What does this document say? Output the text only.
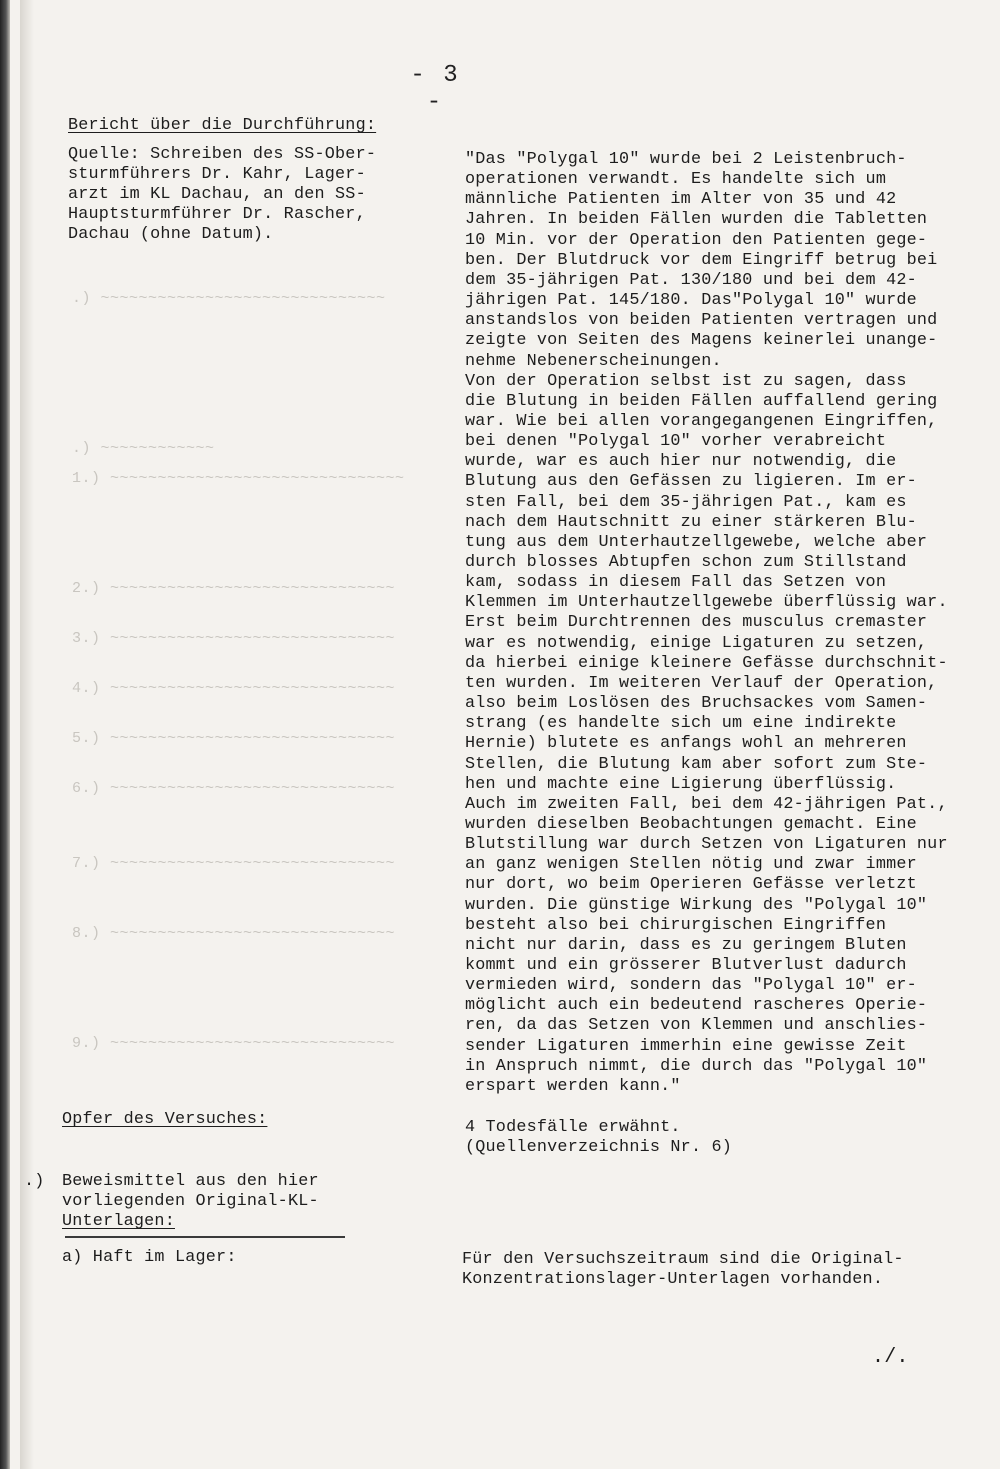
.) ~~~~~~~~~~~~~~~~~~~~~~~~~~~~~~
.) ~~~~~~~~~~~~
1.) ~~~~~~~~~~~~~~~~~~~~~~~~~~~~~~~
2.) ~~~~~~~~~~~~~~~~~~~~~~~~~~~~~~
3.) ~~~~~~~~~~~~~~~~~~~~~~~~~~~~~~
4.) ~~~~~~~~~~~~~~~~~~~~~~~~~~~~~~
5.) ~~~~~~~~~~~~~~~~~~~~~~~~~~~~~~
6.) ~~~~~~~~~~~~~~~~~~~~~~~~~~~~~~
7.) ~~~~~~~~~~~~~~~~~~~~~~~~~~~~~~
8.) ~~~~~~~~~~~~~~~~~~~~~~~~~~~~~~
9.) ~~~~~~~~~~~~~~~~~~~~~~~~~~~~~~
- 3 -
Bericht über die Durchführung:
Quelle: Schreiben des SS-Ober-
sturmführers Dr. Kahr, Lager-
arzt im KL Dachau, an den SS-
Hauptsturmführer Dr. Rascher,
Dachau (ohne Datum).
"Das "Polygal 10" wurde bei 2 Leistenbruch-
operationen verwandt. Es handelte sich um
männliche Patienten im Alter von 35 und 42
Jahren. In beiden Fällen wurden die Tabletten
10 Min. vor der Operation den Patienten gege-
ben. Der Blutdruck vor dem Eingriff betrug bei
dem 35-jährigen Pat. 130/180 und bei dem 42-
jährigen Pat. 145/180. Das"Polygal 10" wurde
anstandslos von beiden Patienten vertragen und
zeigte von Seiten des Magens keinerlei unange-
nehme Nebenerscheinungen.
Von der Operation selbst ist zu sagen, dass
die Blutung in beiden Fällen auffallend gering
war. Wie bei allen vorangegangenen Eingriffen,
bei denen "Polygal 10" vorher verabreicht
wurde, war es auch hier nur notwendig, die
Blutung aus den Gefässen zu ligieren. Im er-
sten Fall, bei dem 35-jährigen Pat., kam es
nach dem Hautschnitt zu einer stärkeren Blu-
tung aus dem Unterhautzellgewebe, welche aber
durch blosses Abtupfen schon zum Stillstand
kam, sodass in diesem Fall das Setzen von
Klemmen im Unterhautzellgewebe überflüssig war.
Erst beim Durchtrennen des musculus cremaster
war es notwendig, einige Ligaturen zu setzen,
da hierbei einige kleinere Gefässe durchschnit-
ten wurden. Im weiteren Verlauf der Operation,
also beim Loslösen des Bruchsackes vom Samen-
strang (es handelte sich um eine indirekte
Hernie) blutete es anfangs wohl an mehreren
Stellen, die Blutung kam aber sofort zum Ste-
hen und machte eine Ligierung überflüssig.
Auch im zweiten Fall, bei dem 42-jährigen Pat.,
wurden dieselben Beobachtungen gemacht. Eine
Blutstillung war durch Setzen von Ligaturen nur
an ganz wenigen Stellen nötig und zwar immer
nur dort, wo beim Operieren Gefässe verletzt
wurden. Die günstige Wirkung des "Polygal 10"
besteht also bei chirurgischen Eingriffen
nicht nur darin, dass es zu geringem Bluten
kommt und ein grösserer Blutverlust dadurch
vermieden wird, sondern das "Polygal 10" er-
möglicht auch ein bedeutend rascheres Operie-
ren, da das Setzen von Klemmen und anschlies-
sender Ligaturen immerhin eine gewisse Zeit
in Anspruch nimmt, die durch das "Polygal 10"
erspart werden kann."
Opfer des Versuches:	4 Todesfälle erwähnt.
(Quellenverzeichnis Nr. 6)
.) Beweismittel aus den hier
vorliegenden Original-KL-
Unterlagen:
a) Haft im Lager:	Für den Versuchszeitraum sind die Original-
Konzentrationslager-Unterlagen vorhanden.
./.
